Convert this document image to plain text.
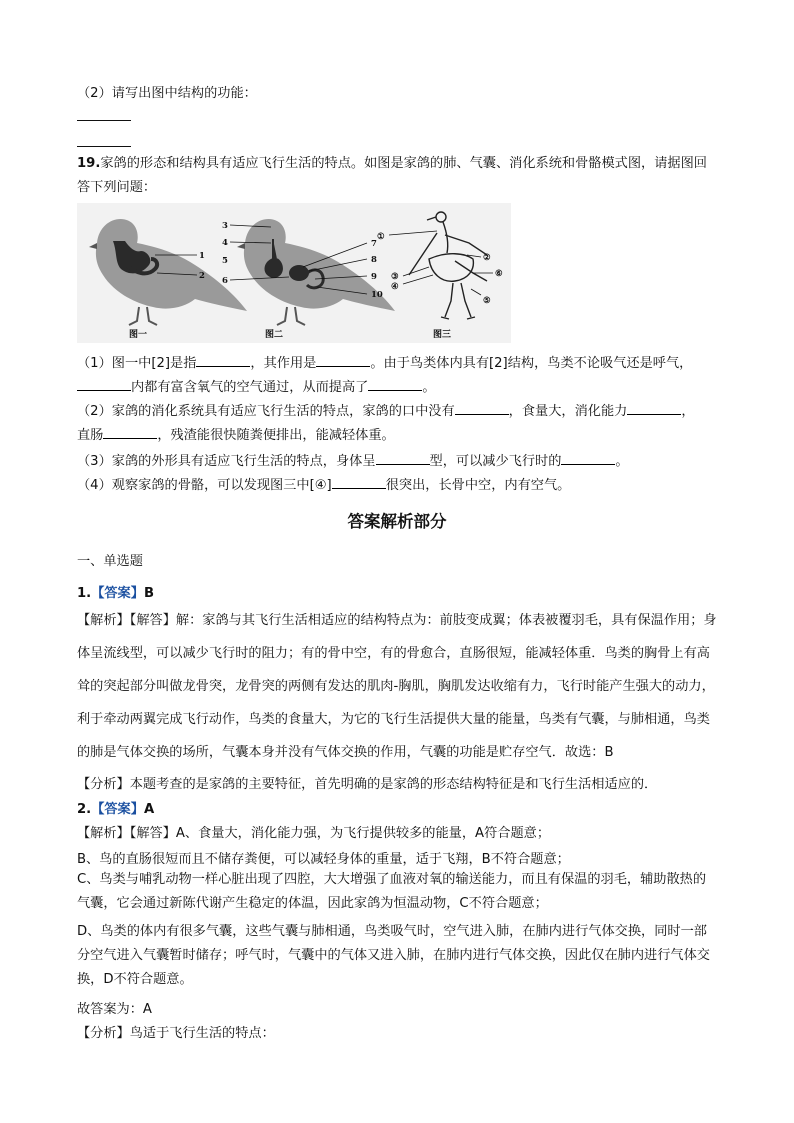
（2）请写出图中结构的功能：
19.家鸽的形态和结构具有适应飞行生活的特点。如图是家鸽的肺、气囊、消化系统和骨骼模式图，请据图回答下列问题：
1
2
图一
3
4
5
6
7
8
9
10
图二
①
②
③
④
⑤
⑥
图三
（1）图一中[2]是指	，其作用是	。由于鸟类体内具有[2]结构，鸟类不论吸气还是呼气，
内都有富含氧气的空气通过，从而提高了	。
（2）家鸽的消化系统具有适应飞行生活的特点，家鸽的口中没有	，食量大，消化能力	，
直肠	，残渣能很快随粪便排出，能减轻体重。
（3）家鸽的外形具有适应飞行生活的特点，身体呈	型，可以减少飞行时的	。
（4）观察家鸽的骨骼，可以发现图三中[④]	很突出，长骨中空，内有空气。
答案解析部分
一、单选题
1.【答案】B
【解析】【解答】解：家鸽与其飞行生活相适应的结构特点为：前肢变成翼；体表被覆羽毛，具有保温作用；身体呈流线型，可以减少飞行时的阻力；有的骨中空，有的骨愈合，直肠很短，能减轻体重．鸟类的胸骨上有高耸的突起部分叫做龙骨突，龙骨突的两侧有发达的肌肉-胸肌，胸肌发达收缩有力，飞行时能产生强大的动力，利于牵动两翼完成飞行动作，鸟类的食量大，为它的飞行生活提供大量的能量，鸟类有气囊，与肺相通，鸟类的肺是气体交换的场所，气囊本身并没有气体交换的作用，气囊的功能是贮存空气．故选：B
【分析】本题考查的是家鸽的主要特征，首先明确的是家鸽的形态结构特征是和飞行生活相适应的．
2.【答案】A
【解析】【解答】A、食量大，消化能力强，为飞行提供较多的能量，A符合题意；
B、鸟的直肠很短而且不储存粪便，可以减轻身体的重量，适于飞翔，B不符合题意；
C、鸟类与哺乳动物一样心脏出现了四腔，大大增强了血液对氧的输送能力，而且有保温的羽毛，辅助散热的气囊，它会通过新陈代谢产生稳定的体温，因此家鸽为恒温动物，C不符合题意；
D、鸟类的体内有很多气囊，这些气囊与肺相通，鸟类吸气时，空气进入肺，在肺内进行气体交换，同时一部分空气进入气囊暂时储存；呼气时，气囊中的气体又进入肺，在肺内进行气体交换，因此仅在肺内进行气体交换，D不符合题意。
故答案为：A
【分析】鸟适于飞行生活的特点：
